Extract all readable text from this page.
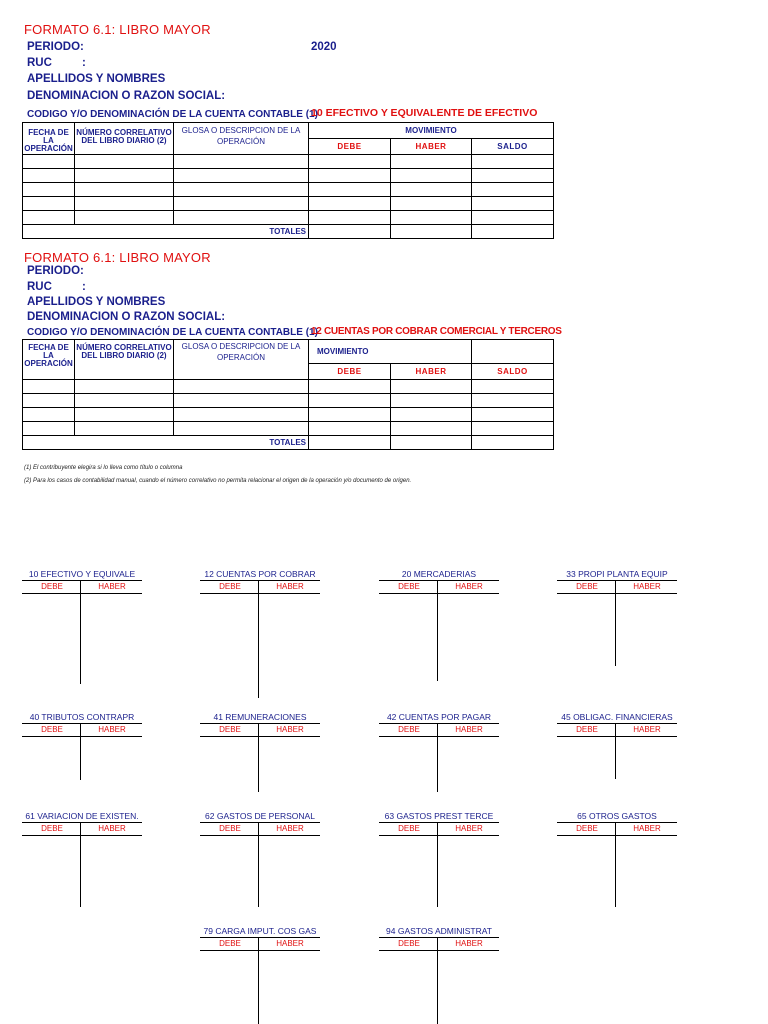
FORMATO 6.1: LIBRO MAYOR
PERIODO:	2020
RUC	:
APELLIDOS Y NOMBRES
DENOMINACION O RAZON SOCIAL:
CODIGO Y/O DENOMINACIÓN DE LA CUENTA CONTABLE (1)
10 EFECTIVO Y EQUIVALENTE DE EFECTIVO
FECHA DE LA OPERACIÓN	NÚMERO CORRELATIVO DEL LIBRO DIARIO (2)	GLOSA O DESCRIPCION DE LA OPERACIÓN	MOVIMIENTO		
			DEBE	HABER	SALDO

TOTALES					
FORMATO 6.1: LIBRO MAYOR
PERIODO:
RUC	:
APELLIDOS Y NOMBRES
DENOMINACION O RAZON SOCIAL:
CODIGO Y/O DENOMINACIÓN DE LA CUENTA CONTABLE (1)
12 CUENTAS POR COBRAR COMERCIAL Y TERCEROS
FECHA DE LA OPERACIÓN	NÚMERO CORRELATIVO DEL LIBRO DIARIO (2)	GLOSA O DESCRIPCION DE LA OPERACIÓN	MOVIMIENTO		
			DEBE	HABER	SALDO

TOTALES					
(1) El contribuyente elegira si lo lleva como título o columna
(2) Para los casos de contabilidad manual, cuando el número correlativo no permita relacionar el origen de la operación y/o documento de origen.
10 EFECTIVO Y EQUIVALE
DEBE	HABER
12 CUENTAS POR COBRAR
DEBE	HABER
20 MERCADERIAS
DEBE	HABER
33 PROPI PLANTA EQUIP
DEBE	HABER
40 TRIBUTOS CONTRAPR
DEBE	HABER
41 REMUNERACIONES
DEBE	HABER
42 CUENTAS POR PAGAR
DEBE	HABER
45 OBLIGAC. FINANCIERAS
DEBE	HABER
61 VARIACION DE EXISTEN.
DEBE	HABER
62 GASTOS DE PERSONAL
DEBE	HABER
63 GASTOS PREST TERCE
DEBE	HABER
65 OTROS GASTOS
DEBE	HABER
79 CARGA IMPUT. COS GAS
DEBE	HABER
94 GASTOS ADMINISTRAT
DEBE	HABER
